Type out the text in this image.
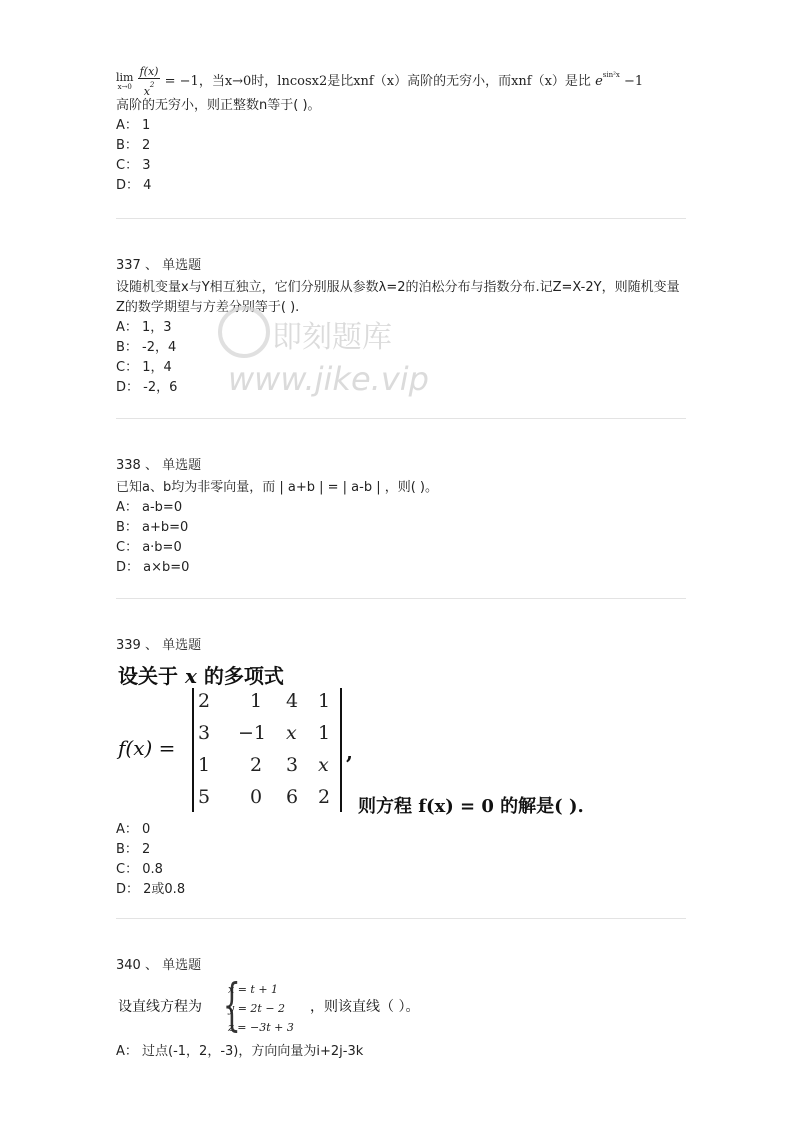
lim
x→0
$\frac{f(x)}{x^2} = -1$，当x→0时，lncosx2是比xnf（x）高阶的无穷小，而xnf（x）是比 $e^{sin^2x} -1$
高阶的无穷小，则正整数n等于( )。
A： 1
B： 2
C： 3
D： 4
337 、 单选题
设随机变量x与Y相互独立，它们分别服从参数λ=2的泊松分布与指数分布.记Z=X-2Y，则随机变量Z的数学期望与方差分别等于( ).
A： 1，3
B： -2，4
C： 1，4
D： -2，6
即刻题库
www.jike.vip
338 、 单选题
已知a、b均为非零向量，而 | a+b | = | a-b | ，则( )。
A： a-b=0
B： a+b=0
C： a·b=0
D： a×b=0
339 、 单选题
设关于 x 的多项式
f(x) =
2 1 4 1
3 −1 x 1
1 2 3 x
5 0 6 2
,
则方程 f(x) = 0 的解是( ).
A： 0
B： 2
C： 0.8
D： 2或0.8
340 、 单选题
设直线方程为 {
x = t + 1
y = 2t − 2
z = −3t + 3
，则该直线（ ）。
A： 过点(-1，2，-3)，方向向量为i+2j-3k
